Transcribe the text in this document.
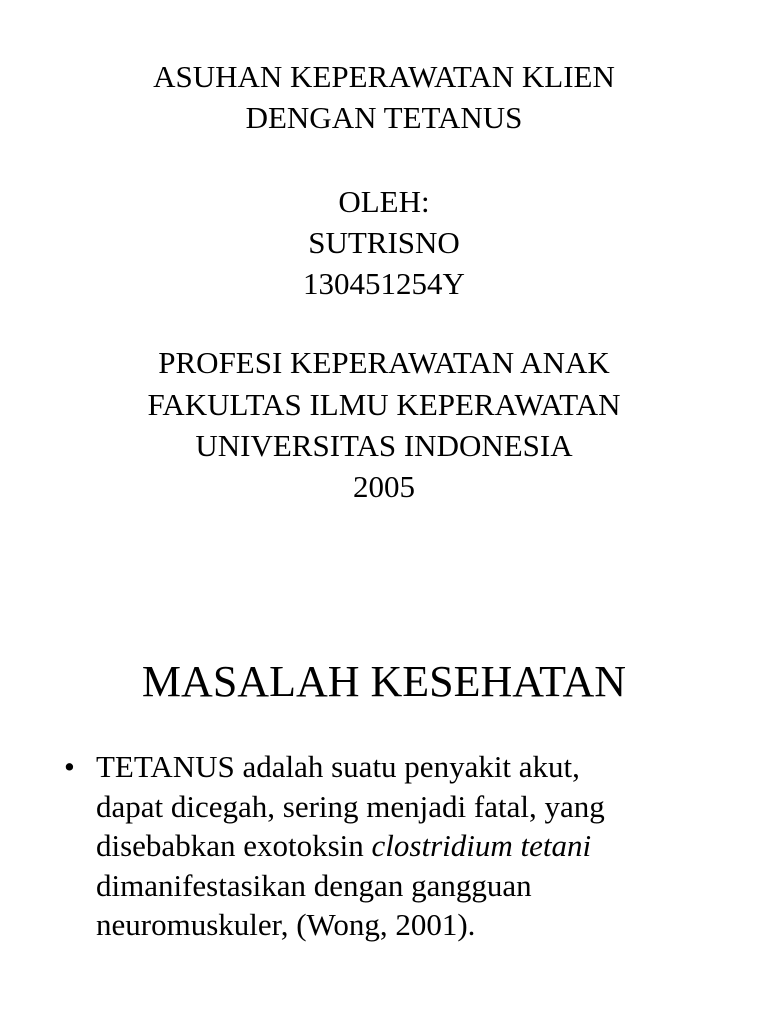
ASUHAN KEPERAWATAN KLIEN
DENGAN TETANUS
OLEH:
SUTRISNO
130451254Y
PROFESI KEPERAWATAN ANAK
FAKULTAS ILMU KEPERAWATAN
UNIVERSITAS INDONESIA
2005
MASALAH KESEHATAN
• TETANUS adalah suatu penyakit akut,
dapat dicegah, sering menjadi fatal, yang
disebabkan exotoksin clostridium tetani
dimanifestasikan dengan gangguan
neuromuskuler, (Wong, 2001).
